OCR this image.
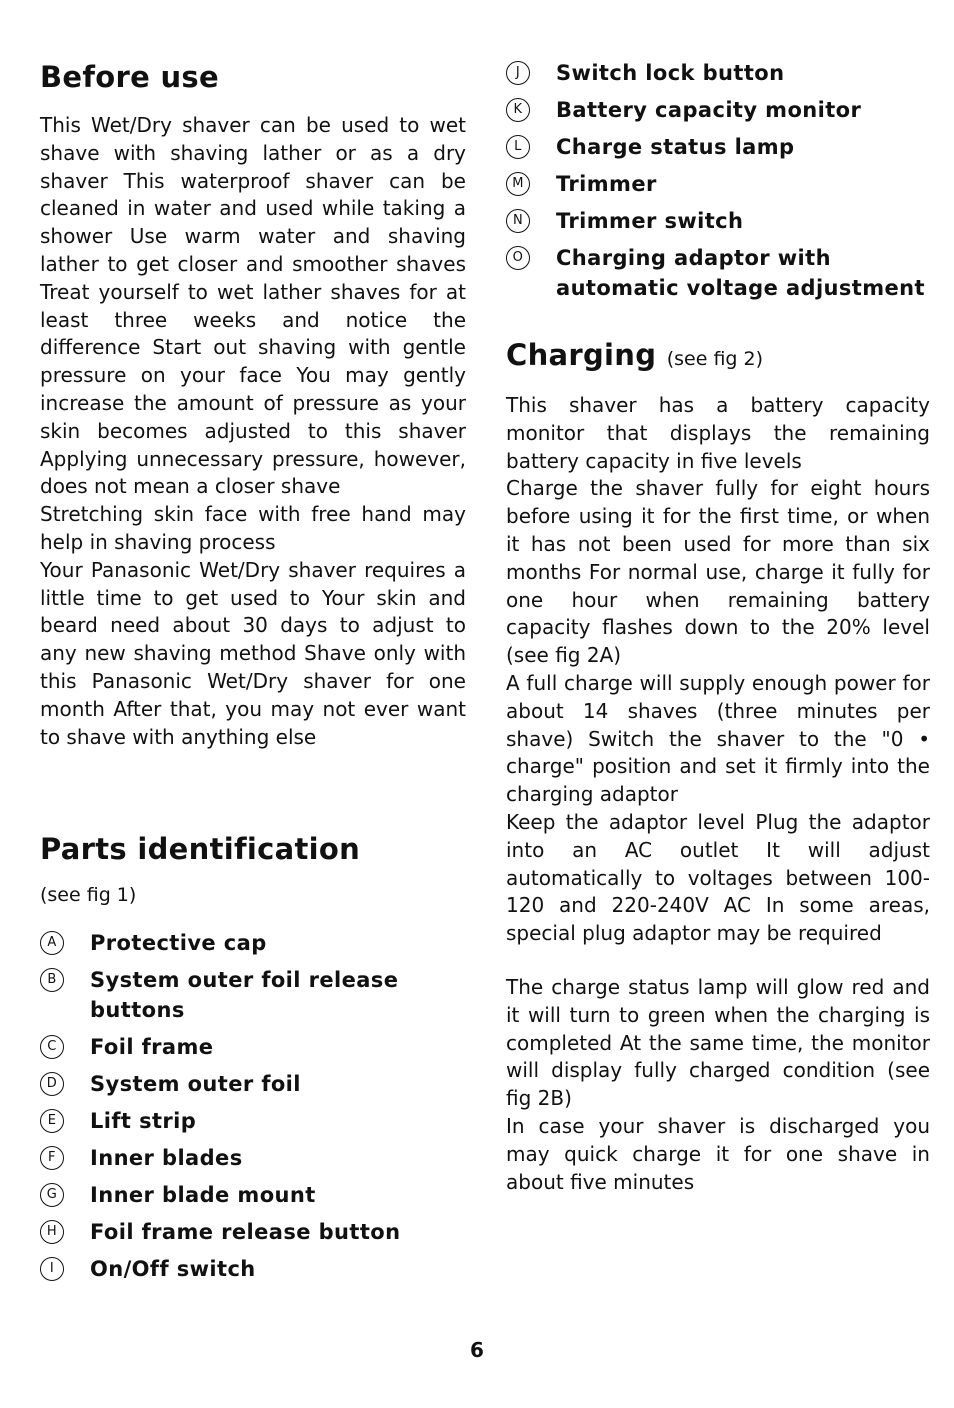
Before use

This Wet/Dry shaver can be used to wet shave with shaving lather or as a dry shaver This waterproof shaver can be cleaned in water and used while taking a shower Use warm water and shaving lather to get closer and smoother shaves Treat yourself to wet lather shaves for at least three weeks and notice the difference Start out shaving with gentle pressure on your face You may gently increase the amount of pressure as your skin becomes adjusted to this shaver Applying unnecessary pressure, however, does not mean a closer shave

Stretching skin face with free hand may help in shaving process

Your Panasonic Wet/Dry shaver requires a little time to get used to Your skin and beard need about 30 days to adjust to any new shaving method Shave only with this Panasonic Wet/Dry shaver for one month After that, you may not ever want to shave with anything else

Parts identification

(see fig 1)

A	Protective cap
B	System outer foil release buttons
C	Foil frame
D	System outer foil
E	Lift strip
F	Inner blades
G	Inner blade mount
H	Foil frame release button
I	On/Off switch
J	Switch lock button
K	Battery capacity monitor
L	Charge status lamp
M Trimmer
N	Trimmer switch
O	Charging adaptor with automatic voltage adjustment
Charging (see fig 2)

This shaver has a battery capacity monitor that displays the remaining battery capacity in five levels

Charge the shaver fully for eight hours before using it for the first time, or when it has not been used for more than six months For normal use, charge it fully for one hour when remaining battery capacity flashes down to the 20% level (see fig 2A)

A full charge will supply enough power for about 14 shaves (three minutes per shave) Switch the shaver to the "0 • charge" position and set it firmly into the charging adaptor

Keep the adaptor level Plug the adaptor into an AC outlet It will adjust automatically to voltages between 100-120 and 220-240V AC In some areas, special plug adaptor may be required

The charge status lamp will glow red and it will turn to green when the charging is completed At the same time, the monitor will display fully charged condition (see fig 2B)

In case your shaver is discharged you may quick charge it for one shave in about five minutes

6
